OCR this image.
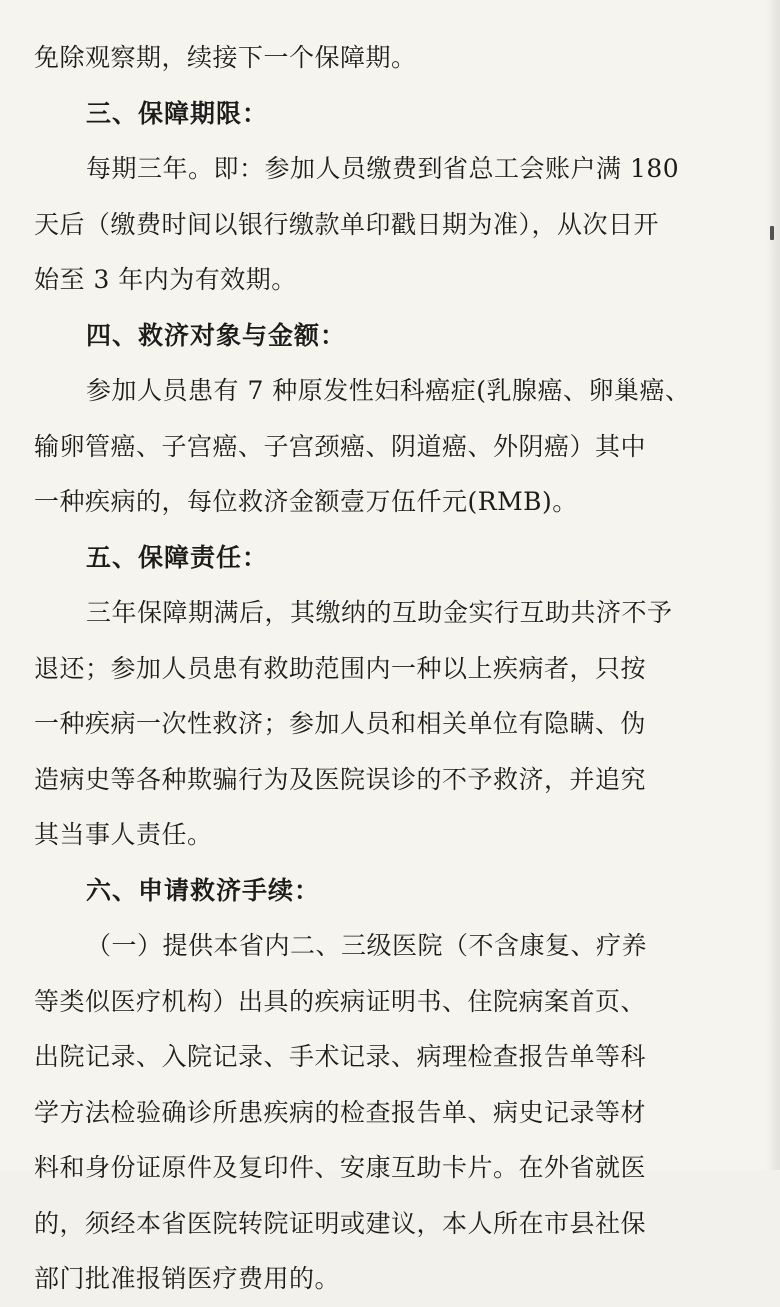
免除观察期，续接下一个保障期。

三、保障期限：

每期三年。即：参加人员缴费到省总工会账户满 180

天后（缴费时间以银行缴款单印戳日期为准），从次日开

始至 3 年内为有效期。

四、救济对象与金额：

参加人员患有 7 种原发性妇科癌症(乳腺癌、卵巢癌、

输卵管癌、子宫癌、子宫颈癌、阴道癌、外阴癌）其中

一种疾病的，每位救济金额壹万伍仟元(RMB)。

五、保障责任：

三年保障期满后，其缴纳的互助金实行互助共济不予

退还；参加人员患有救助范围内一种以上疾病者，只按

一种疾病一次性救济；参加人员和相关单位有隐瞒、伪

造病史等各种欺骗行为及医院误诊的不予救济，并追究

其当事人责任。

六、申请救济手续：

（一）提供本省内二、三级医院（不含康复、疗养

等类似医疗机构）出具的疾病证明书、住院病案首页、

出院记录、入院记录、手术记录、病理检查报告单等科

学方法检验确诊所患疾病的检查报告单、病史记录等材

料和身份证原件及复印件、安康互助卡片。在外省就医

的，须经本省医院转院证明或建议，本人所在市县社保

部门批准报销医疗费用的。
